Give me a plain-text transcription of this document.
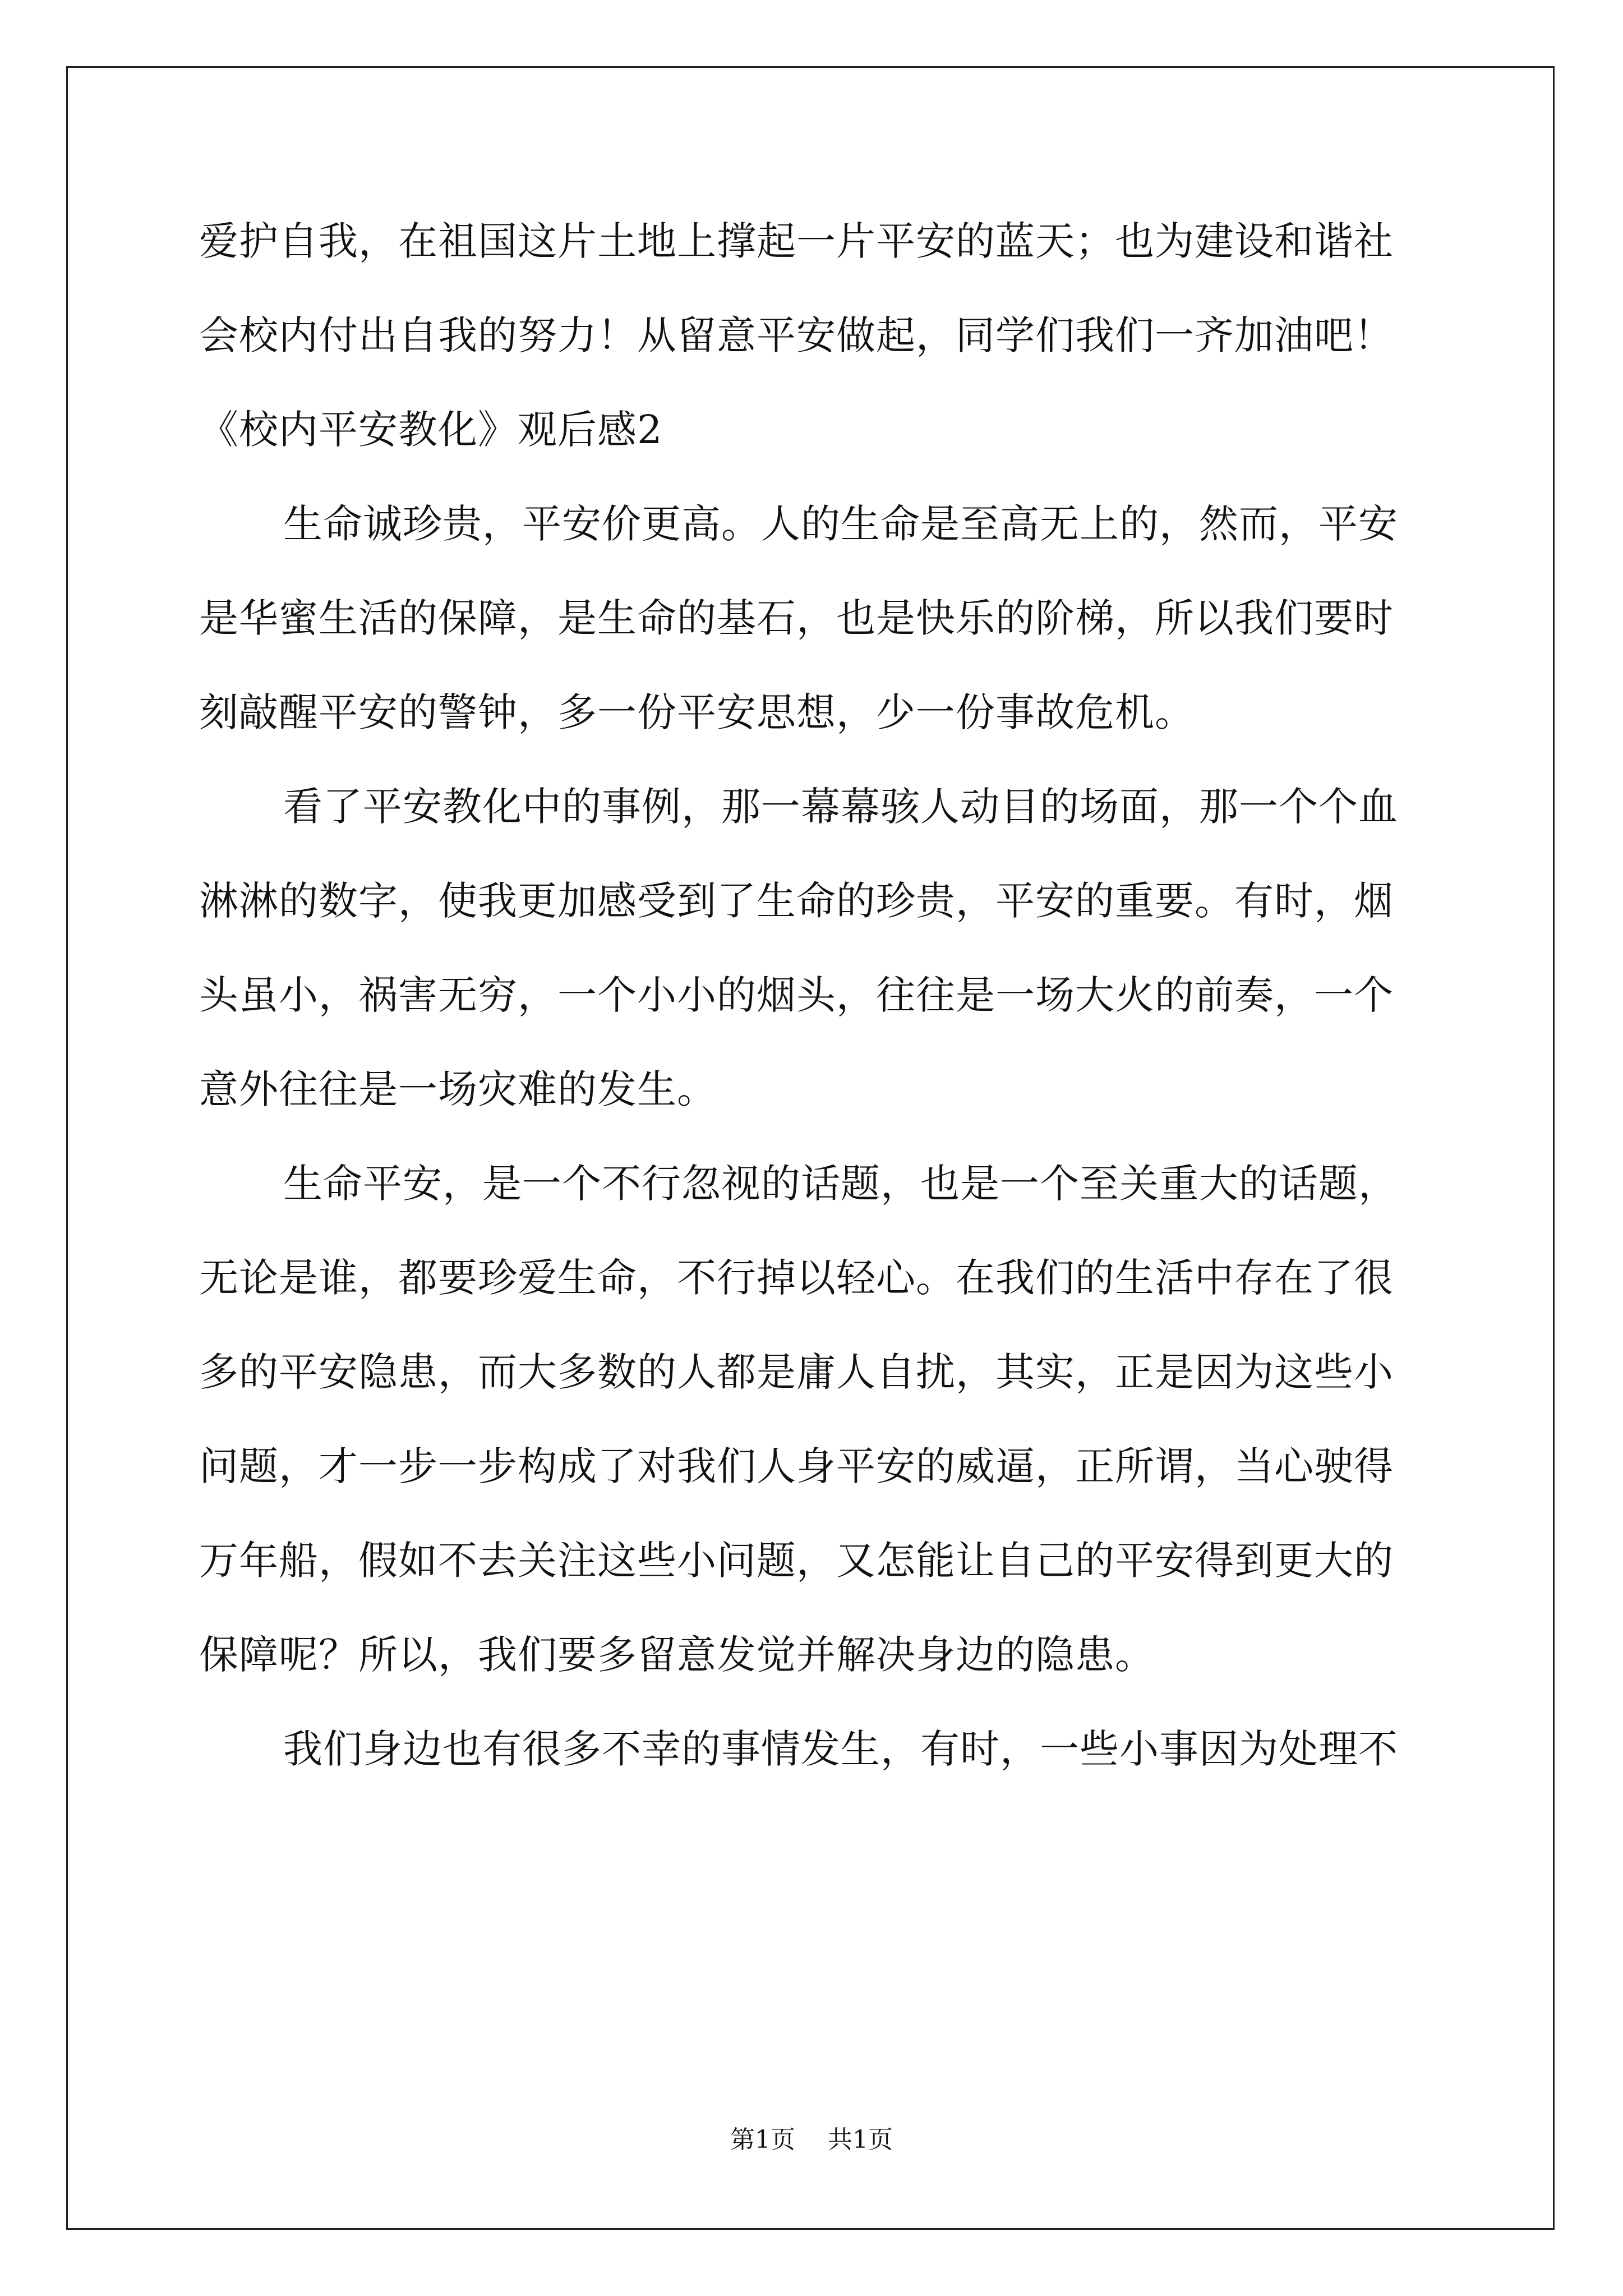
爱护自我，在祖国这片土地上撑起一片平安的蓝天；也为建设和谐社
会校内付出自我的努力！从留意平安做起，同学们我们一齐加油吧！
《校内平安教化》观后感2
生命诚珍贵，平安价更高。人的生命是至高无上的，然而，平安
是华蜜生活的保障，是生命的基石，也是快乐的阶梯，所以我们要时
刻敲醒平安的警钟，多一份平安思想，少一份事故危机。
看了平安教化中的事例，那一幕幕骇人动目的场面，那一个个血
淋淋的数字，使我更加感受到了生命的珍贵，平安的重要。有时，烟
头虽小，祸害无穷，一个小小的烟头，往往是一场大火的前奏，一个
意外往往是一场灾难的发生。
生命平安，是一个不行忽视的话题，也是一个至关重大的话题，
无论是谁，都要珍爱生命，不行掉以轻心。在我们的生活中存在了很
多的平安隐患，而大多数的人都是庸人自扰，其实，正是因为这些小
问题，才一步一步构成了对我们人身平安的威逼，正所谓，当心驶得
万年船，假如不去关注这些小问题，又怎能让自己的平安得到更大的
保障呢？所以，我们要多留意发觉并解决身边的隐患。
我们身边也有很多不幸的事情发生，有时，一些小事因为处理不
第1页 共1页
